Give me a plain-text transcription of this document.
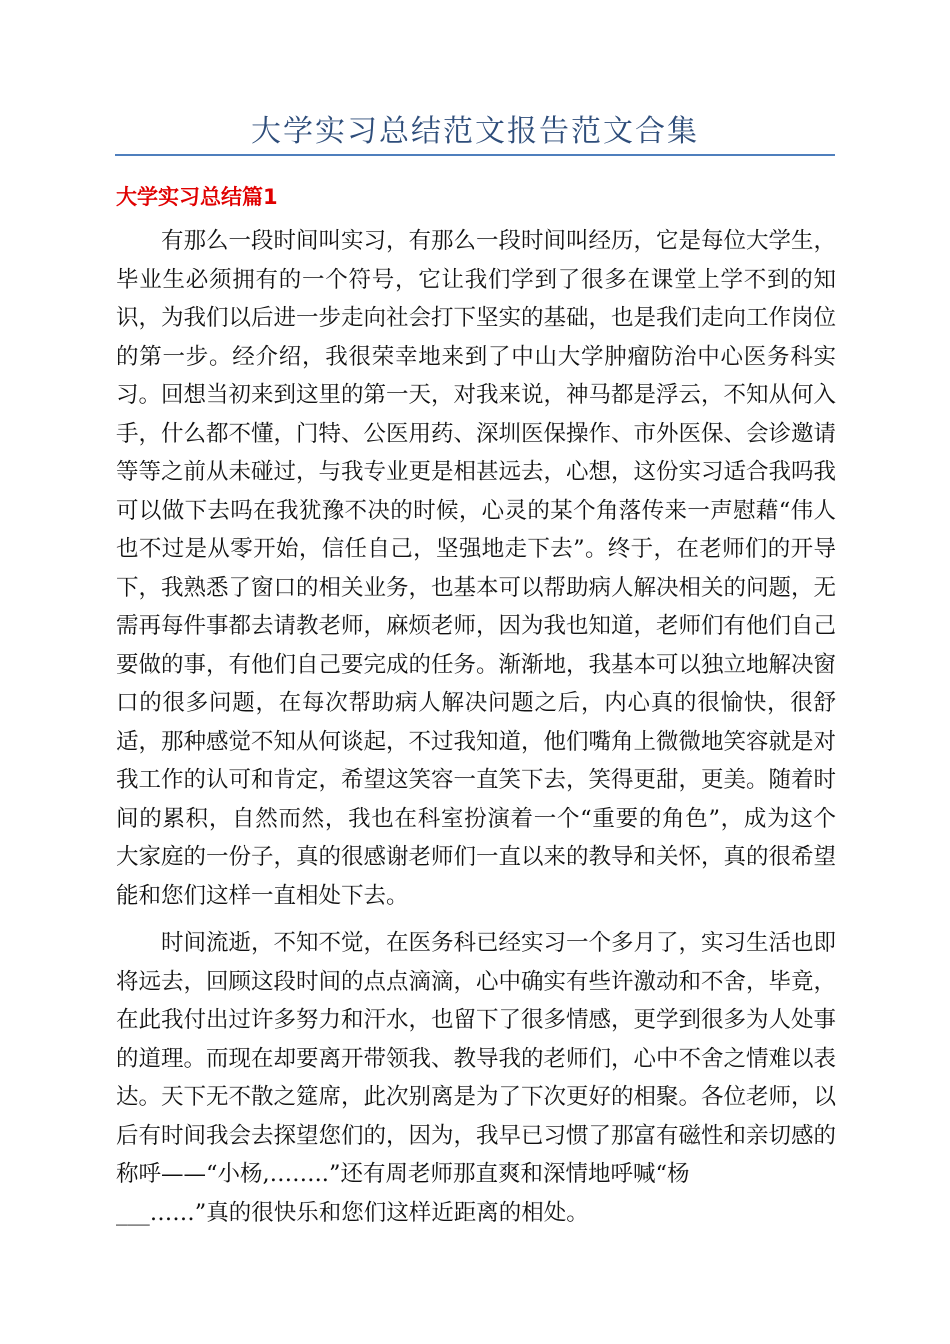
大学实习总结范文报告范文合集
大学实习总结篇1
有那么一段时间叫实习，有那么一段时间叫经历，它是每位大学生，
毕业生必须拥有的一个符号，它让我们学到了很多在课堂上学不到的知
识，为我们以后进一步走向社会打下坚实的基础，也是我们走向工作岗位
的第一步。经介绍，我很荣幸地来到了中山大学肿瘤防治中心医务科实
习。回想当初来到这里的第一天，对我来说，神马都是浮云，不知从何入
手，什么都不懂，门特、公医用药、深圳医保操作、市外医保、会诊邀请
等等之前从未碰过，与我专业更是相甚远去，心想，这份实习适合我吗我
可以做下去吗在我犹豫不决的时候，心灵的某个角落传来一声慰藉“伟人
也不过是从零开始，信任自己，坚强地走下去”。终于，在老师们的开导
下，我熟悉了窗口的相关业务，也基本可以帮助病人解决相关的问题，无
需再每件事都去请教老师，麻烦老师，因为我也知道，老师们有他们自己
要做的事，有他们自己要完成的任务。渐渐地，我基本可以独立地解决窗
口的很多问题，在每次帮助病人解决问题之后，内心真的很愉快，很舒
适，那种感觉不知从何谈起，不过我知道，他们嘴角上微微地笑容就是对
我工作的认可和肯定，希望这笑容一直笑下去，笑得更甜，更美。随着时
间的累积，自然而然，我也在科室扮演着一个“重要的角色”，成为这个
大家庭的一份子，真的很感谢老师们一直以来的教导和关怀，真的很希望
能和您们这样一直相处下去。
时间流逝，不知不觉，在医务科已经实习一个多月了，实习生活也即
将远去，回顾这段时间的点点滴滴，心中确实有些许激动和不舍，毕竟，
在此我付出过许多努力和汗水，也留下了很多情感，更学到很多为人处事
的道理。而现在却要离开带领我、教导我的老师们，心中不舍之情难以表
达。天下无不散之筵席，此次别离是为了下次更好的相聚。各位老师，以
后有时间我会去探望您们的，因为，我早已习惯了那富有磁性和亲切感的
称呼——“小杨,……..”还有周老师那直爽和深情地呼喊“杨
___……”真的很快乐和您们这样近距离的相处。
